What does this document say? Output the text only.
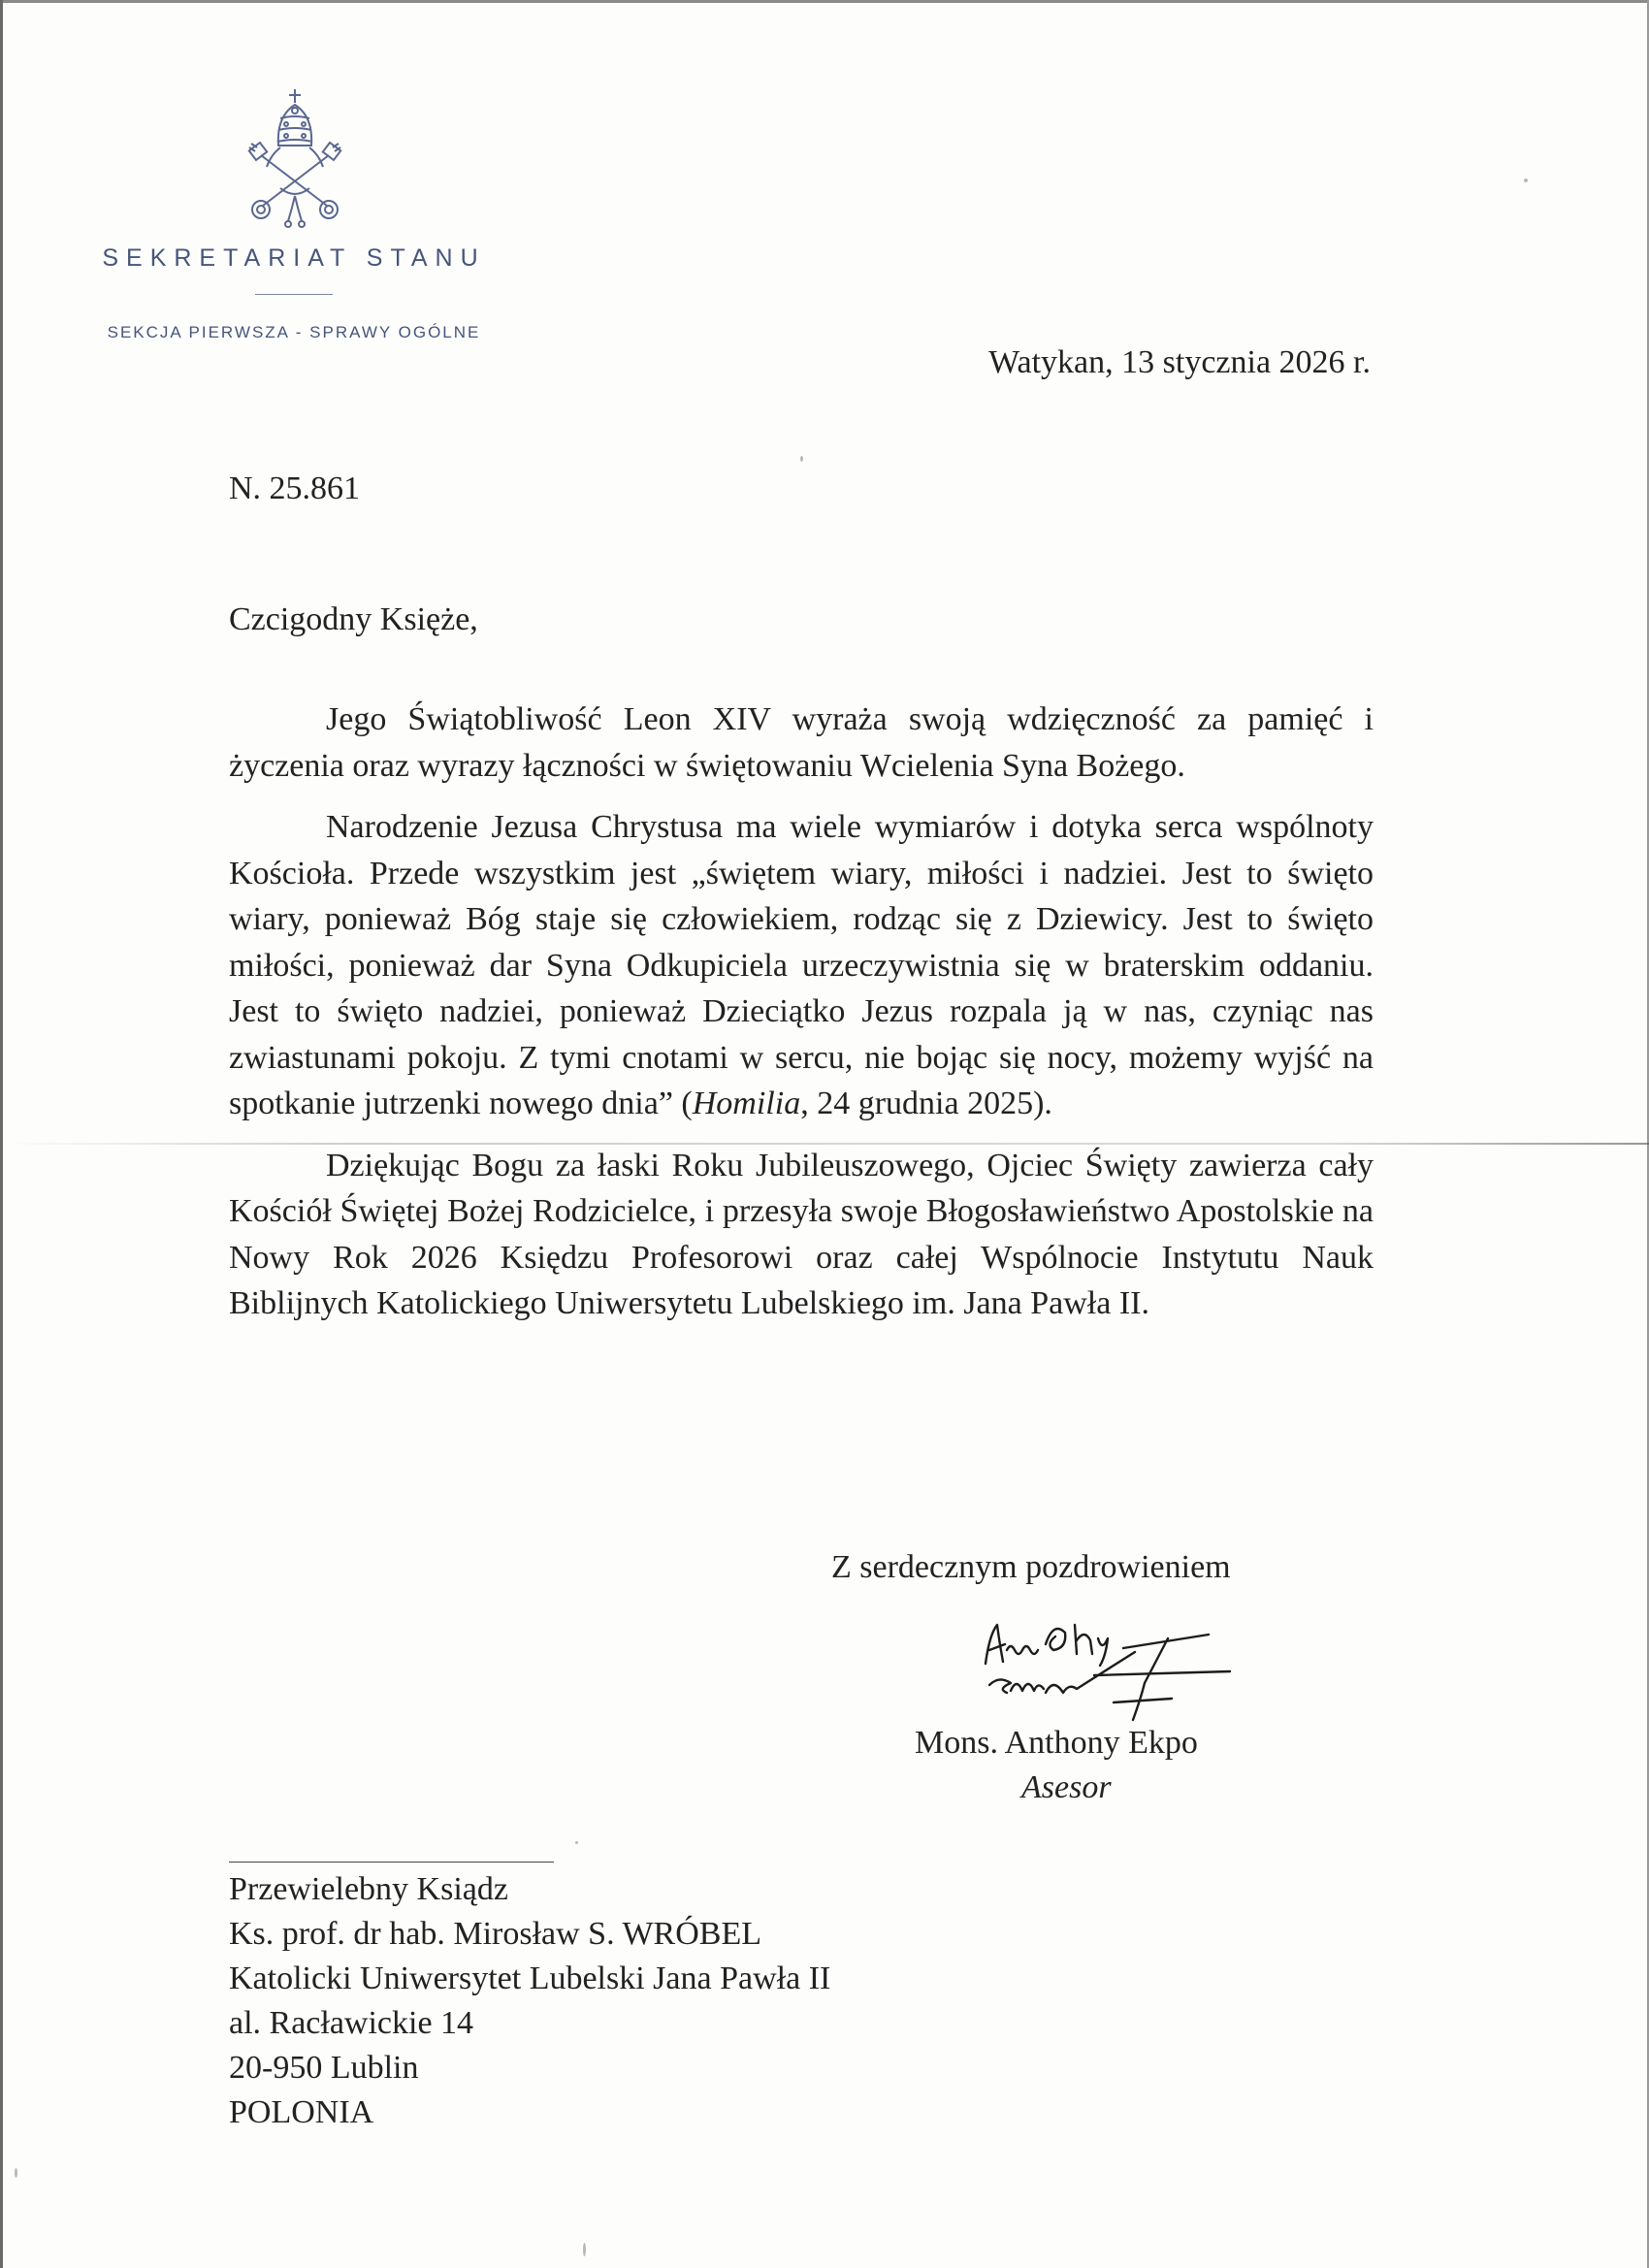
SEKRETARIAT STANU
SEKCJA PIERWSZA - SPRAWY OGÓLNE
Watykan, 13 stycznia 2026 r.
N. 25.861
Czcigodny Księże,

Jego Świątobliwość Leon XIV wyraża swoją wdzięczność za pamięć i życzenia oraz wyrazy łączności w świętowaniu Wcielenia Syna Bożego.

Narodzenie Jezusa Chrystusa ma wiele wymiarów i dotyka serca wspólnoty Kościoła. Przede wszystkim jest „świętem wiary, miłości i nadziei. Jest to święto wiary, ponieważ Bóg staje się człowiekiem, rodząc się z Dziewicy. Jest to święto miłości, ponieważ dar Syna Odkupiciela urzeczywistnia się w braterskim oddaniu. Jest to święto nadziei, ponieważ Dzieciątko Jezus rozpala ją w nas, czyniąc nas zwiastunami pokoju. Z tymi cnotami w sercu, nie bojąc się nocy, możemy wyjść na spotkanie jutrzenki nowego dnia” (Homilia, 24 grudnia 2025).

Dziękując Bogu za łaski Roku Jubileuszowego, Ojciec Święty zawierza cały Kościół Świętej Bożej Rodzicielce, i przesyła swoje Błogosławieństwo Apostolskie na Nowy Rok 2026 Księdzu Profesorowi oraz całej Wspólnocie Instytutu Nauk Biblijnych Katolickiego Uniwersytetu Lubelskiego im. Jana Pawła II.

Z serdecznym pozdrowieniem
Mons. Anthony Ekpo
Asesor
Przewielebny Ksiądz
Ks. prof. dr hab. Mirosław S. WRÓBEL
Katolicki Uniwersytet Lubelski Jana Pawła II
al. Racławickie 14
20-950 Lublin
POLONIA
